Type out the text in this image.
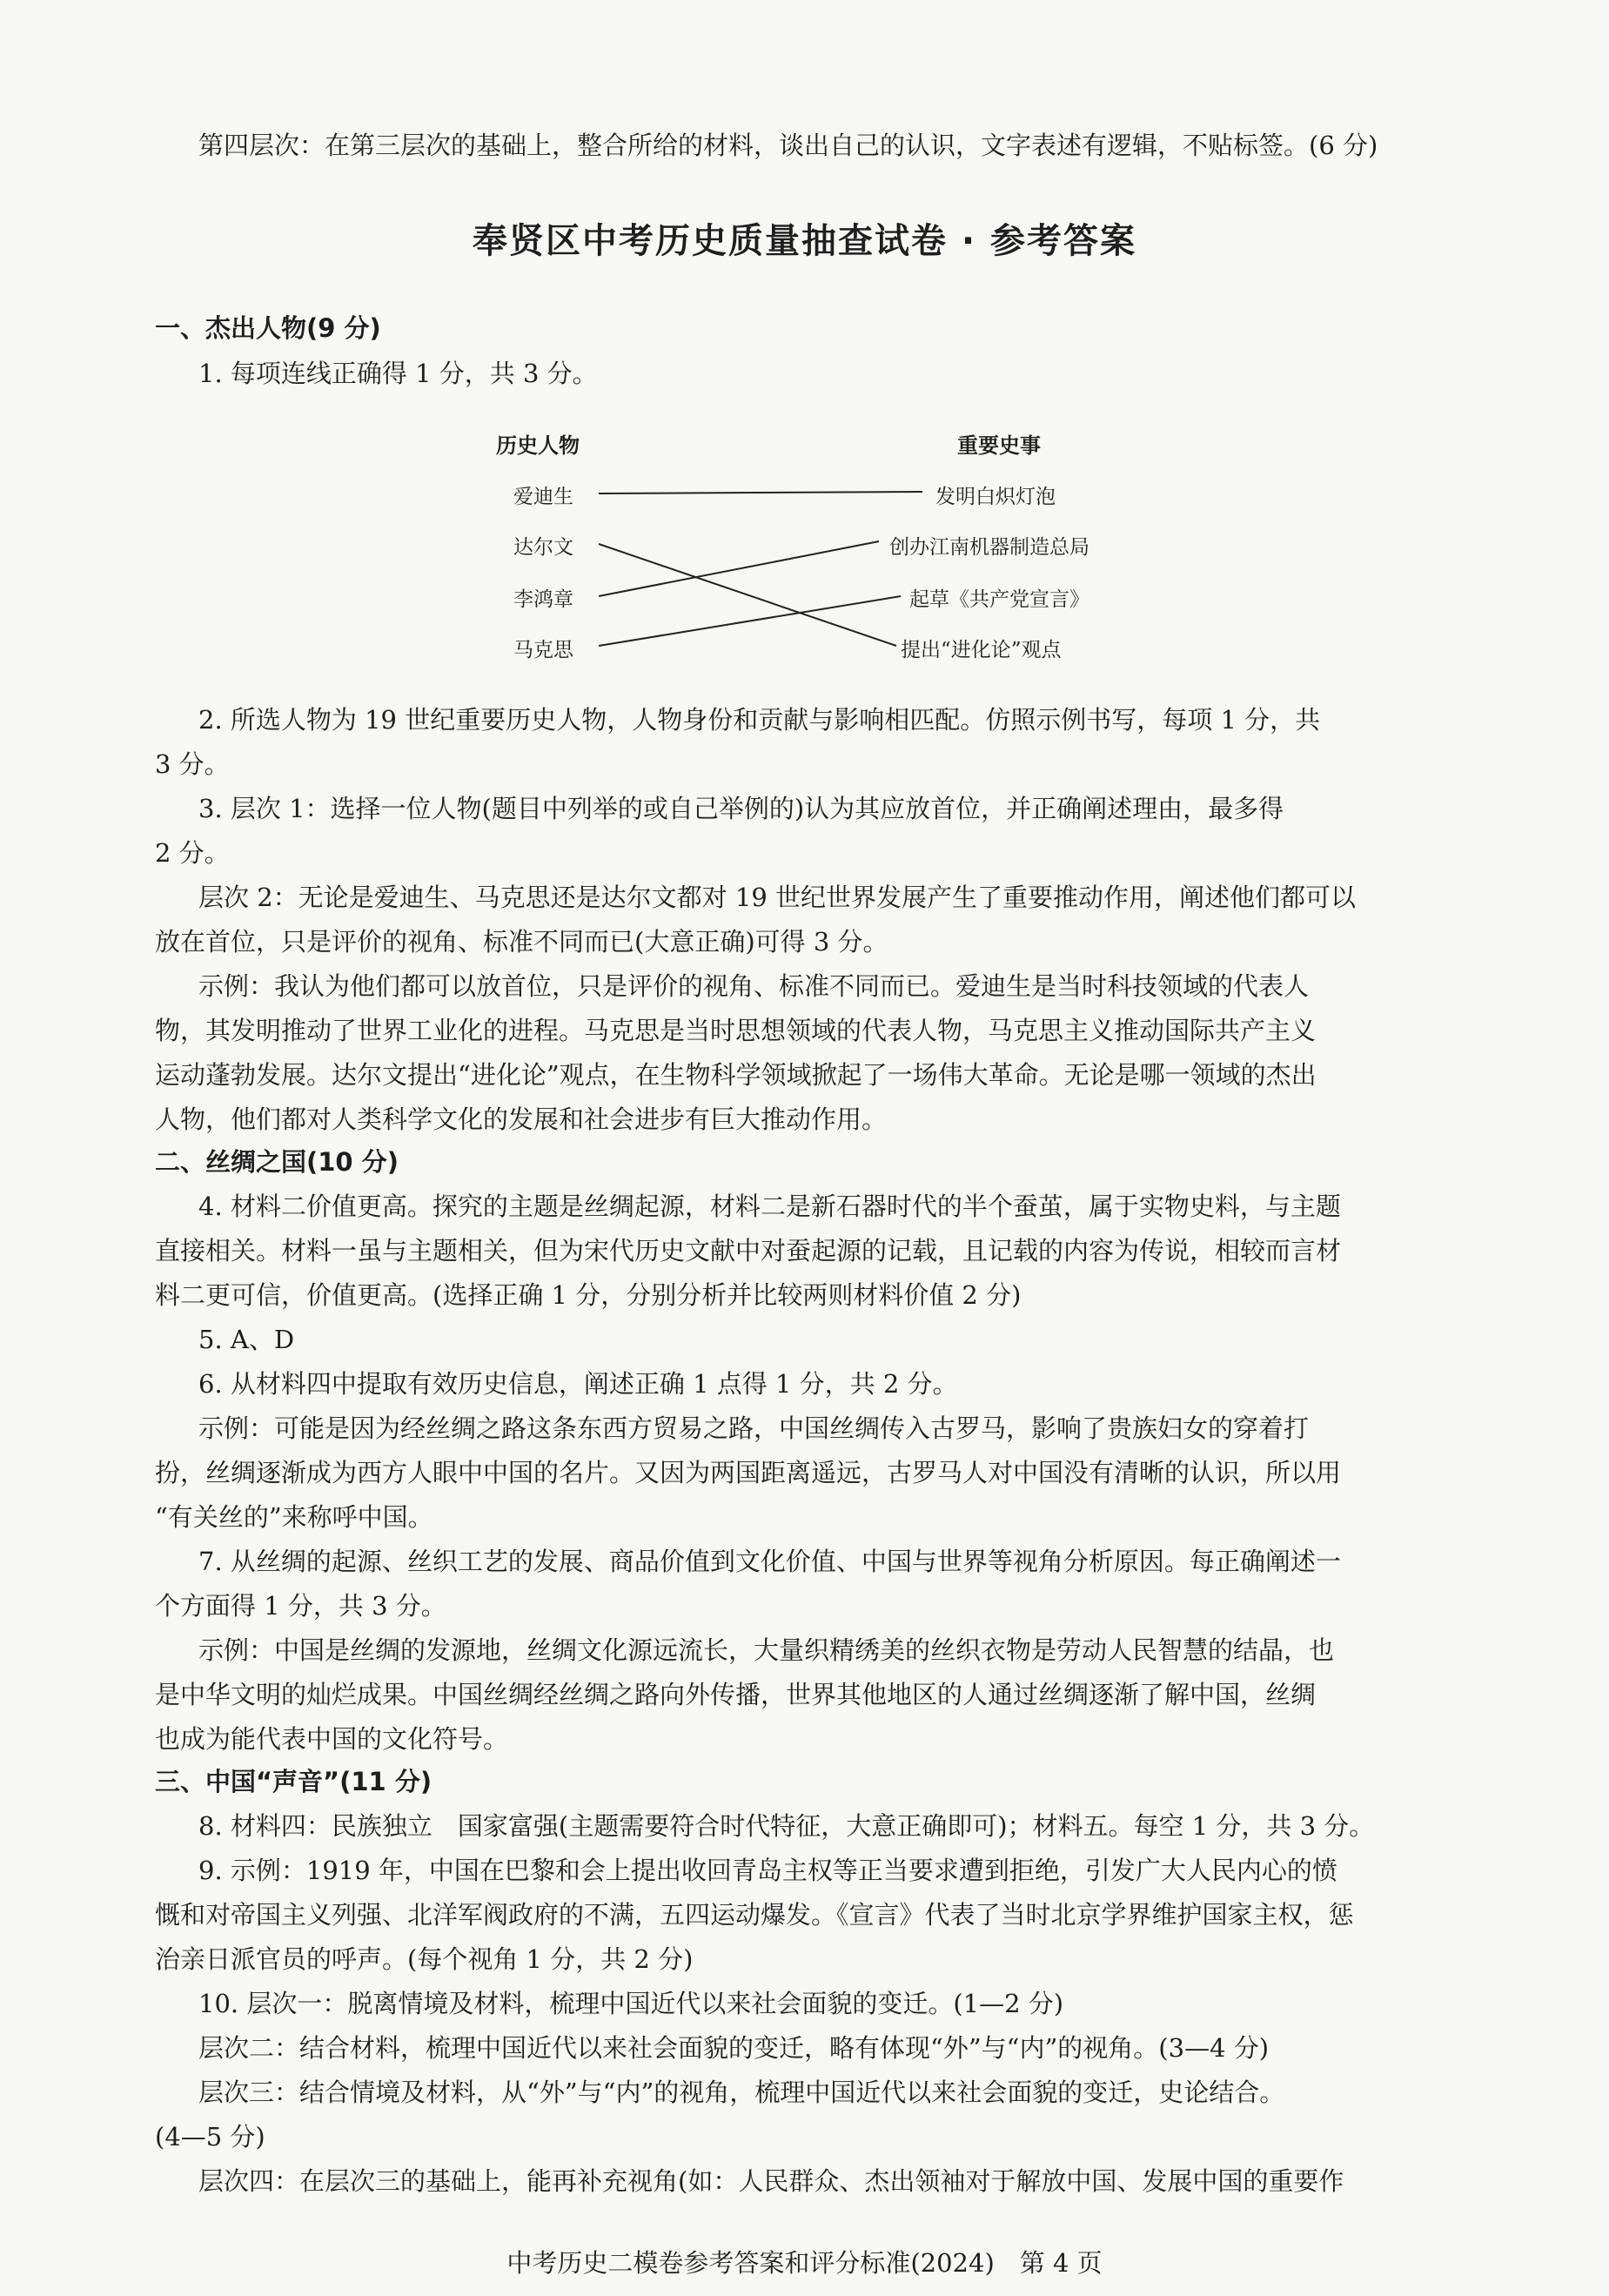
第四层次：在第三层次的基础上，整合所给的材料，谈出自己的认识，文字表述有逻辑，不贴标签。(6 分)
奉贤区中考历史质量抽查试卷 · 参考答案
一、杰出人物(9 分)
1. 每项连线正确得 1 分，共 3 分。
历史人物	重要史事
爱迪生
达尔文
李鸿章
马克思
发明白炽灯泡
创办江南机器制造总局
起草《共产党宣言》
提出“进化论”观点
2. 所选人物为 19 世纪重要历史人物，人物身份和贡献与影响相匹配。仿照示例书写，每项 1 分，共
3 分。
3. 层次 1：选择一位人物(题目中列举的或自己举例的)认为其应放首位，并正确阐述理由，最多得
2 分。
层次 2：无论是爱迪生、马克思还是达尔文都对 19 世纪世界发展产生了重要推动作用，阐述他们都可以
放在首位，只是评价的视角、标准不同而已(大意正确)可得 3 分。
示例：我认为他们都可以放首位，只是评价的视角、标准不同而已。爱迪生是当时科技领域的代表人
物，其发明推动了世界工业化的进程。马克思是当时思想领域的代表人物，马克思主义推动国际共产主义
运动蓬勃发展。达尔文提出“进化论”观点，在生物科学领域掀起了一场伟大革命。无论是哪一领域的杰出
人物，他们都对人类科学文化的发展和社会进步有巨大推动作用。
二、丝绸之国(10 分)
4. 材料二价值更高。探究的主题是丝绸起源，材料二是新石器时代的半个蚕茧，属于实物史料，与主题
直接相关。材料一虽与主题相关，但为宋代历史文献中对蚕起源的记载，且记载的内容为传说，相较而言材
料二更可信，价值更高。(选择正确 1 分，分别分析并比较两则材料价值 2 分)
5. A、D
6. 从材料四中提取有效历史信息，阐述正确 1 点得 1 分，共 2 分。
示例：可能是因为经丝绸之路这条东西方贸易之路，中国丝绸传入古罗马，影响了贵族妇女的穿着打
扮，丝绸逐渐成为西方人眼中中国的名片。又因为两国距离遥远，古罗马人对中国没有清晰的认识，所以用
“有关丝的”来称呼中国。
7. 从丝绸的起源、丝织工艺的发展、商品价值到文化价值、中国与世界等视角分析原因。每正确阐述一
个方面得 1 分，共 3 分。
示例：中国是丝绸的发源地，丝绸文化源远流长，大量织精绣美的丝织衣物是劳动人民智慧的结晶，也
是中华文明的灿烂成果。中国丝绸经丝绸之路向外传播，世界其他地区的人通过丝绸逐渐了解中国，丝绸
也成为能代表中国的文化符号。
三、中国“声音”(11 分)
8. 材料四：民族独立　国家富强(主题需要符合时代特征，大意正确即可)；材料五。每空 1 分，共 3 分。
9. 示例：1919 年，中国在巴黎和会上提出收回青岛主权等正当要求遭到拒绝，引发广大人民内心的愤
慨和对帝国主义列强、北洋军阀政府的不满，五四运动爆发。《宣言》代表了当时北京学界维护国家主权，惩
治亲日派官员的呼声。(每个视角 1 分，共 2 分)
10. 层次一：脱离情境及材料，梳理中国近代以来社会面貌的变迁。(1—2 分)
层次二：结合材料，梳理中国近代以来社会面貌的变迁，略有体现“外”与“内”的视角。(3—4 分)
层次三：结合情境及材料，从“外”与“内”的视角，梳理中国近代以来社会面貌的变迁，史论结合。
(4—5 分)
层次四：在层次三的基础上，能再补充视角(如：人民群众、杰出领袖对于解放中国、发展中国的重要作
中考历史二模卷参考答案和评分标准(2024)　第 4 页
